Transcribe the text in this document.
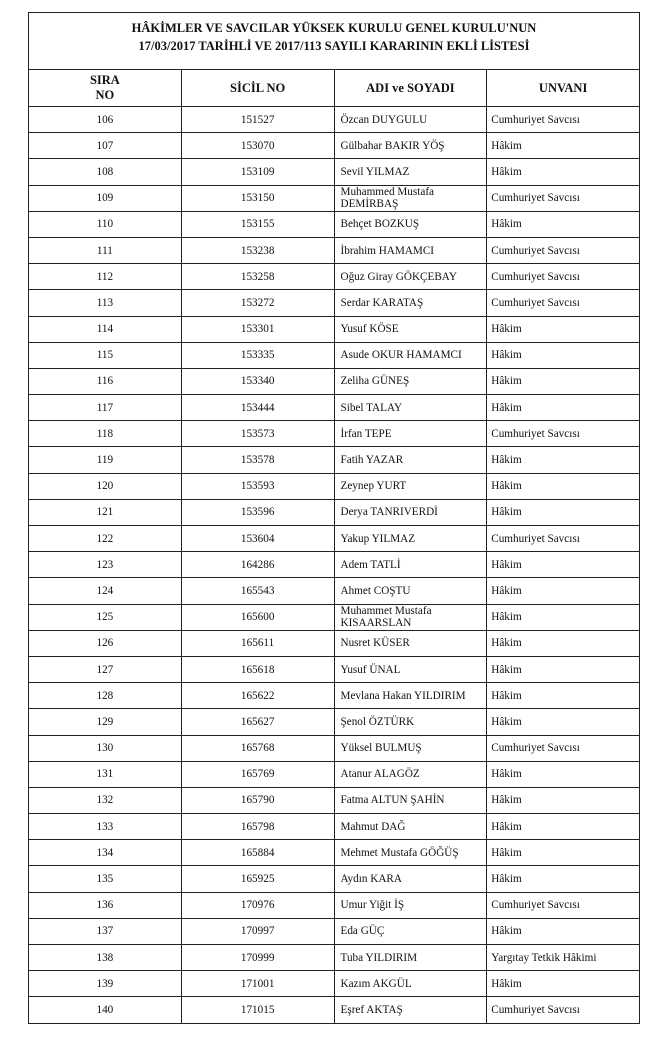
HÂKİMLER VE SAVCILAR YÜKSEK KURULU GENEL KURULU'NUN
17/03/2017 TARİHLİ VE 2017/113 SAYILI KARARININ EKLİ LİSTESİ			

SIRA
NO	SİCİL NO	ADI ve SOYADI	UNVANI
106	151527	Özcan DUYGULU	Cumhuriyet Savcısı
107	153070	Gülbahar BAKIR YÖŞ	Hâkim
108	153109	Sevil YILMAZ	Hâkim
109	153150	Muhammed Mustafa DEMİRBAŞ	Cumhuriyet Savcısı
110	153155	Behçet BOZKUŞ	Hâkim
111	153238	İbrahim HAMAMCI	Cumhuriyet Savcısı
112	153258	Oğuz Giray GÖKÇEBAY	Cumhuriyet Savcısı
113	153272	Serdar KARATAŞ	Cumhuriyet Savcısı
114	153301	Yusuf KÖSE	Hâkim
115	153335	Asude OKUR HAMAMCI	Hâkim
116	153340	Zeliha GÜNEŞ	Hâkim
117	153444	Sibel TALAY	Hâkim
118	153573	İrfan TEPE	Cumhuriyet Savcısı
119	153578	Fatih YAZAR	Hâkim
120	153593	Zeynep YURT	Hâkim
121	153596	Derya TANRIVERDİ	Hâkim
122	153604	Yakup YILMAZ	Cumhuriyet Savcısı
123	164286	Adem TATLİ	Hâkim
124	165543	Ahmet COŞTU	Hâkim
125	165600	Muhammet Mustafa KISAARSLAN	Hâkim
126	165611	Nusret KÜSER	Hâkim
127	165618	Yusuf ÜNAL	Hâkim
128	165622	Mevlana Hakan YILDIRIM	Hâkim
129	165627	Şenol ÖZTÜRK	Hâkim
130	165768	Yüksel BULMUŞ	Cumhuriyet Savcısı
131	165769	Atanur ALAGÖZ	Hâkim
132	165790	Fatma ALTUN ŞAHİN	Hâkim
133	165798	Mahmut DAĞ	Hâkim
134	165884	Mehmet Mustafa GÖĞÜŞ	Hâkim
135	165925	Aydın KARA	Hâkim
136	170976	Umur Yiğit İŞ	Cumhuriyet Savcısı
137	170997	Eda GÜÇ	Hâkim
138	170999	Tuba YILDIRIM	Yargıtay Tetkik Hâkimi
139	171001	Kazım AKGÜL	Hâkim
140	171015	Eşref AKTAŞ	Cumhuriyet Savcısı
